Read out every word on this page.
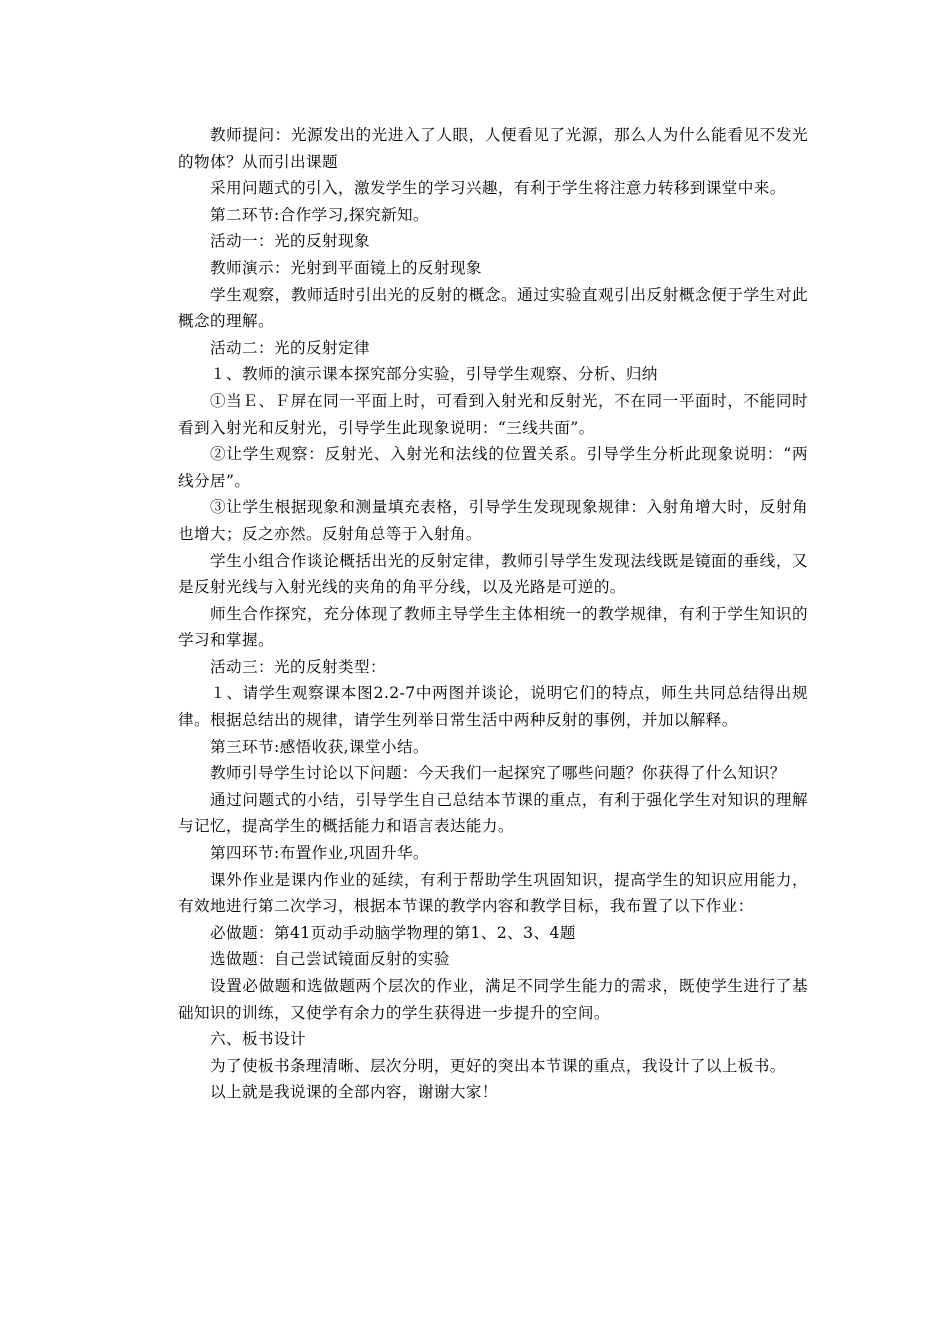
教师提问：光源发出的光进入了人眼，人便看见了光源，那么人为什么能看见不发光的物体？从而引出课题

采用问题式的引入，激发学生的学习兴趣，有利于学生将注意力转移到课堂中来。

第二环节:合作学习,探究新知。

活动一：光的反射现象

教师演示：光射到平面镜上的反射现象

学生观察，教师适时引出光的反射的概念。通过实验直观引出反射概念便于学生对此概念的理解。

活动二：光的反射定律

１、教师的演示课本探究部分实验，引导学生观察、分析、归纳

①当Ｅ、Ｆ屏在同一平面上时，可看到入射光和反射光，不在同一平面时，不能同时看到入射光和反射光，引导学生此现象说明：“三线共面”。

②让学生观察：反射光、入射光和法线的位置关系。引导学生分析此现象说明：“两线分居”。

③让学生根据现象和测量填充表格，引导学生发现现象规律：入射角增大时，反射角也增大；反之亦然。反射角总等于入射角。

学生小组合作谈论概括出光的反射定律，教师引导学生发现法线既是镜面的垂线，又是反射光线与入射光线的夹角的角平分线，以及光路是可逆的。

师生合作探究，充分体现了教师主导学生主体相统一的教学规律，有利于学生知识的学习和掌握。

活动三：光的反射类型：

１、请学生观察课本图2.2-7中两图并谈论，说明它们的特点，师生共同总结得出规律。根据总结出的规律，请学生列举日常生活中两种反射的事例，并加以解释。

第三环节:感悟收获,课堂小结。

教师引导学生讨论以下问题：今天我们一起探究了哪些问题？你获得了什么知识？

通过问题式的小结，引导学生自己总结本节课的重点，有利于强化学生对知识的理解与记忆，提高学生的概括能力和语言表达能力。

第四环节:布置作业,巩固升华。

课外作业是课内作业的延续，有利于帮助学生巩固知识，提高学生的知识应用能力，有效地进行第二次学习，根据本节课的教学内容和教学目标，我布置了以下作业：

必做题：第41页动手动脑学物理的第1、2、3、4题

选做题：自己尝试镜面反射的实验

设置必做题和选做题两个层次的作业，满足不同学生能力的需求，既使学生进行了基础知识的训练，又使学有余力的学生获得进一步提升的空间。

六、板书设计

为了使板书条理清晰、层次分明，更好的突出本节课的重点，我设计了以上板书。

以上就是我说课的全部内容，谢谢大家！
